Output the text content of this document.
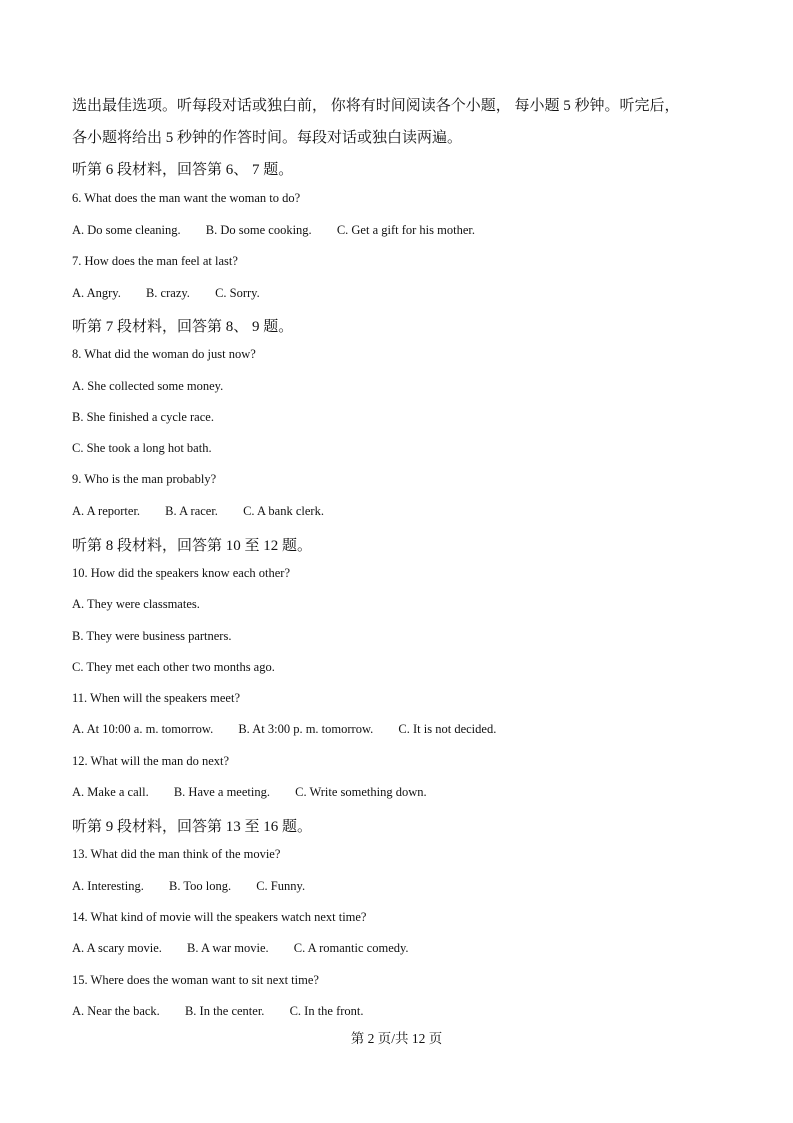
选出最佳选项。听每段对话或独白前， 你将有时间阅读各个小题， 每小题 5 秒钟。听完后，
各小题将给出 5 秒钟的作答时间。每段对话或独白读两遍。
听第 6 段材料，回答第 6、 7 题。
6. What does the man want the woman to do?
A. Do some cleaning. B. Do some cooking. C. Get a gift for his mother.
7. How does the man feel at last?
A. Angry. B. crazy. C. Sorry.
听第 7 段材料，回答第 8、 9 题。
8. What did the woman do just now?
A. She collected some money.
B. She finished a cycle race.
C. She took a long hot bath.
9. Who is the man probably?
A. A reporter. B. A racer. C. A bank clerk.
听第 8 段材料，回答第 10 至 12 题。
10. How did the speakers know each other?
A. They were classmates.
B. They were business partners.
C. They met each other two months ago.
11. When will the speakers meet?
A. At 10:00 a. m. tomorrow. B. At 3:00 p. m. tomorrow. C. It is not decided.
12. What will the man do next?
A. Make a call. B. Have a meeting. C. Write something down.
听第 9 段材料，回答第 13 至 16 题。
13. What did the man think of the movie?
A. Interesting. B. Too long. C. Funny.
14. What kind of movie will the speakers watch next time?
A. A scary movie. B. A war movie. C. A romantic comedy.
15. Where does the woman want to sit next time?
A. Near the back. B. In the center. C. In the front.
第 2 页/共 12 页
